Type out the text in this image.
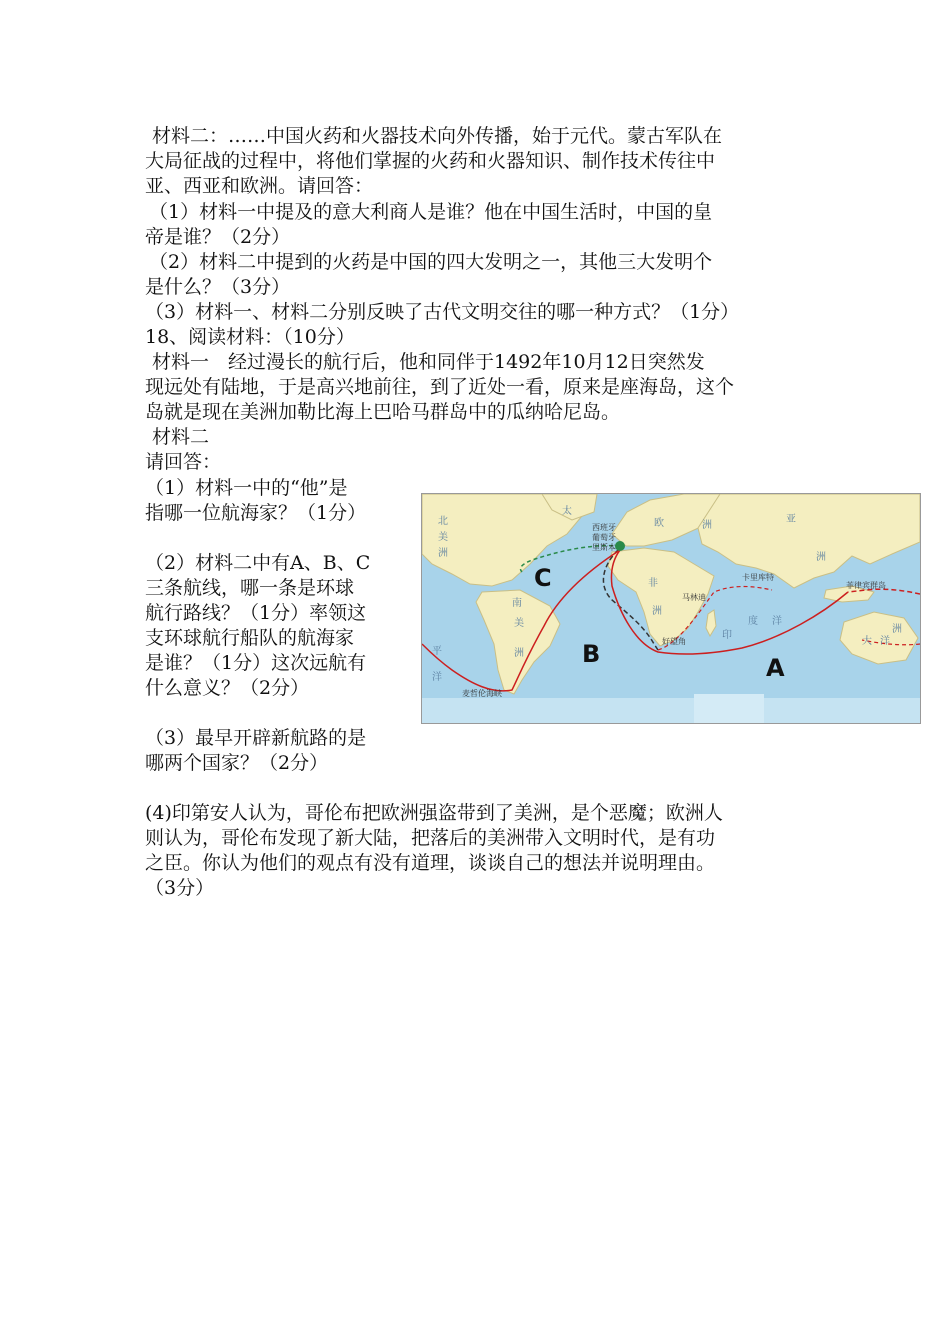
材料二：……中国火药和火器技术向外传播，始于元代。蒙古军队在
大局征战的过程中，将他们掌握的火药和火器知识、制作技术传往中
亚、西亚和欧洲。请回答：
（1）材料一中提及的意大利商人是谁？他在中国生活时，中国的皇
帝是谁？（2分）
（2）材料二中提到的火药是中国的四大发明之一，其他三大发明个
是什么？（3分）
（3）材料一、材料二分别反映了古代文明交往的哪一种方式？（1分）
18、阅读材料：（10分）
材料一　经过漫长的航行后，他和同伴于1492年10月12日突然发
现远处有陆地，于是高兴地前往，到了近处一看，原来是座海岛，这个
岛就是现在美洲加勒比海上巴哈马群岛中的瓜纳哈尼岛。
材料二
请回答：
（1）材料一中的“他”是
指哪一位航海家？（1分）
（2）材料二中有A、B、C
三条航线，哪一条是环球
航行路线？（1分）率领这
支环球航行船队的航海家
是谁？（1分）这次远航有
什么意义？（2分）
（3）最早开辟新航路的是
哪两个国家？（2分）
(4)印第安人认为，哥伦布把欧洲强盗带到了美洲，是个恶魔；欧洲人
则认为，哥伦布发现了新大陆，把落后的美洲带入文明时代，是有功
之臣。你认为他们的观点有没有道理，谈谈自己的想法并说明理由。
（3分）
C
B	A
西班牙
葡萄牙
里斯本
卡里库特
马林迪
好望角
菲律宾群岛
麦哲伦海峡
北
美
洲
欧	洲
亚
洲
非
洲
南
美
洲
印
度 洋
大 洋
洲
太
平
洋
